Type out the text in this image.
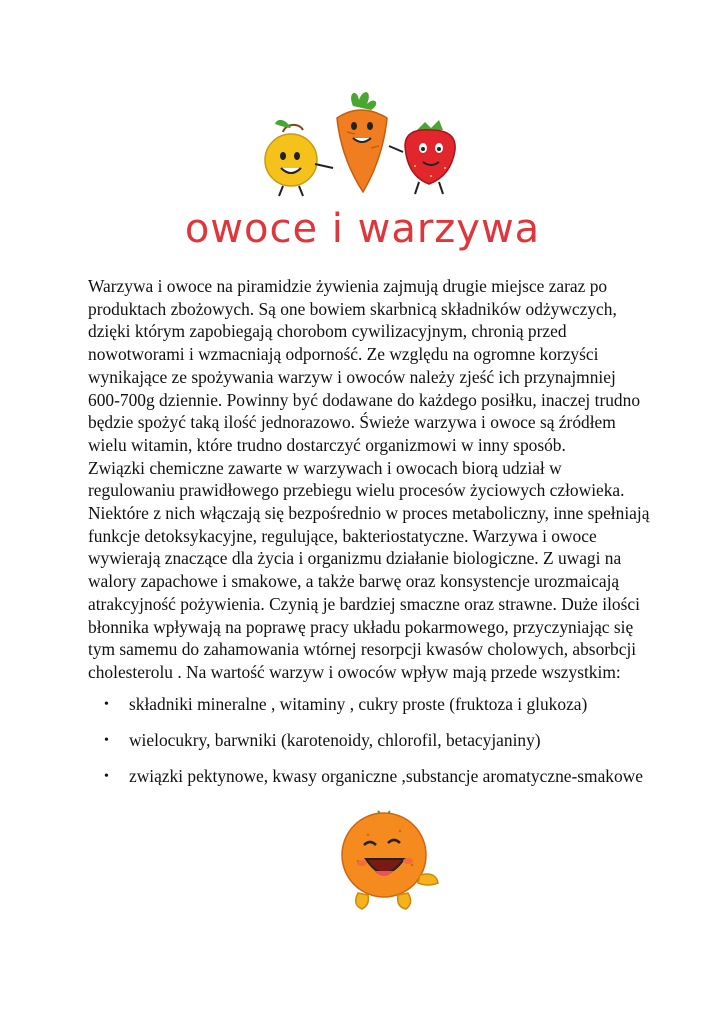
owoce i warzywa

Warzywa i owoce na piramidzie żywienia zajmują drugie miejsce zaraz po

produktach zbożowych. Są one bowiem skarbnicą składników odżywczych,

dzięki którym zapobiegają chorobom cywilizacyjnym, chronią przed

nowotworami i wzmacniają odporność. Ze względu na ogromne korzyści

wynikające ze spożywania warzyw i owoców należy zjeść ich przynajmniej

600-700g dziennie. Powinny być dodawane do każdego posiłku, inaczej trudno

będzie spożyć taką ilość jednorazowo. Świeże warzywa i owoce są źródłem

wielu witamin, które trudno dostarczyć organizmowi w inny sposób.

Związki chemiczne zawarte w warzywach i owocach biorą udział w

regulowaniu prawidłowego przebiegu wielu procesów życiowych człowieka.

Niektóre z nich włączają się bezpośrednio w proces metaboliczny, inne spełniają

funkcje detoksykacyjne, regulujące, bakteriostatyczne. Warzywa i owoce

wywierają znaczące dla życia i organizmu działanie biologiczne. Z uwagi na

walory zapachowe i smakowe, a także barwę oraz konsystencje urozmaicają

atrakcyjność pożywienia. Czynią je bardziej smaczne oraz strawne. Duże ilości

błonnika wpływają na poprawę pracy układu pokarmowego, przyczyniając się

tym samemu do zahamowania wtórnej resorpcji kwasów cholowych, absorbcji

cholesterolu . Na wartość warzyw i owoców wpływ mają przede wszystkim:

• składniki mineralne , witaminy , cukry proste (fruktoza i glukoza)
• wielocukry, barwniki (karotenoidy, chlorofil, betacyjaniny)
• związki pektynowe, kwasy organiczne ,substancje aromatyczne-smakowe
